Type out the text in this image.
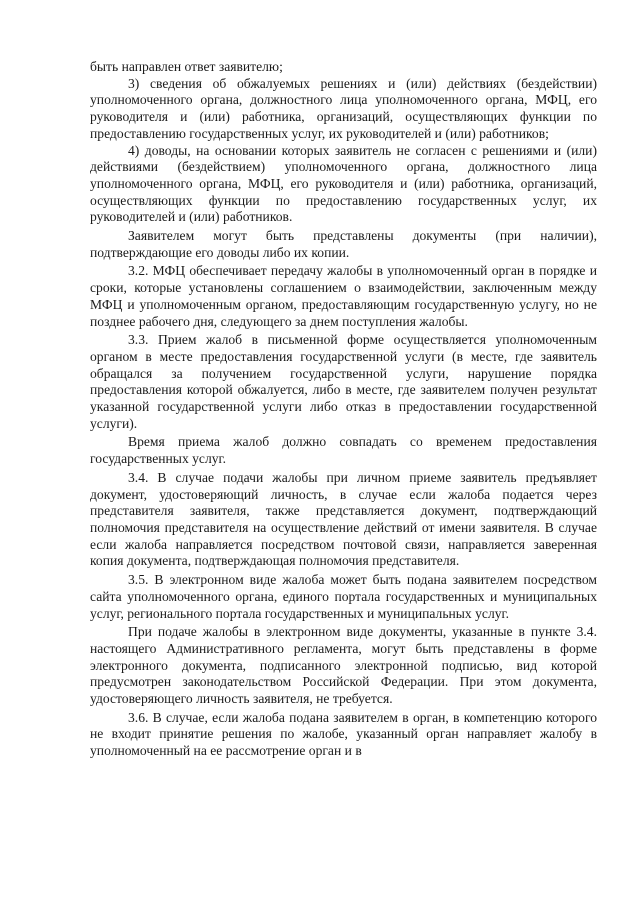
быть направлен ответ заявителю;

3) сведения об обжалуемых решениях и (или) действиях (бездействии) уполномоченного органа, должностного лица уполномоченного органа, МФЦ, его руководителя и (или) работника, организаций, осуществляющих функции по предоставлению государственных услуг, их руководителей и (или) работников;

4) доводы, на основании которых заявитель не согласен с решениями и (или) действиями (бездействием) уполномоченного органа, должностного лица уполномоченного органа, МФЦ, его руководителя и (или) работника, организаций, осуществляющих функции по предоставлению государственных услуг, их руководителей и (или) работников.

Заявителем могут быть представлены документы (при наличии), подтверждающие его доводы либо их копии.

3.2. МФЦ обеспечивает передачу жалобы в уполномоченный орган в порядке и сроки, которые установлены соглашением о взаимодействии, заключенным между МФЦ и уполномоченным органом, предоставляющим государственную услугу, но не позднее рабочего дня, следующего за днем поступления жалобы.

3.3. Прием жалоб в письменной форме осуществляется уполномоченным органом в месте предоставления государственной услуги (в месте, где заявитель обращался за получением государственной услуги, нарушение порядка предоставления которой обжалуется, либо в месте, где заявителем получен результат указанной государственной услуги либо отказ в предоставлении государственной услуги).

Время приема жалоб должно совпадать со временем предоставления государственных услуг.

3.4. В случае подачи жалобы при личном приеме заявитель предъявляет документ, удостоверяющий личность, в случае если жалоба подается через представителя заявителя, также представляется документ, подтверждающий полномочия представителя на осуществление действий от имени заявителя. В случае если жалоба направляется посредством почтовой связи, направляется заверенная копия документа, подтверждающая полномочия представителя.

3.5. В электронном виде жалоба может быть подана заявителем посредством сайта уполномоченного органа, единого портала государственных и муниципальных услуг, регионального портала государственных и муниципальных услуг.

При подаче жалобы в электронном виде документы, указанные в пункте 3.4. настоящего Административного регламента, могут быть представлены в форме электронного документа, подписанного электронной подписью, вид которой предусмотрен законодательством Российской Федерации. При этом документа, удостоверяющего личность заявителя, не требуется.

3.6. В случае, если жалоба подана заявителем в орган, в компетенцию которого не входит принятие решения по жалобе, указанный орган направляет жалобу в уполномоченный на ее рассмотрение орган и в
